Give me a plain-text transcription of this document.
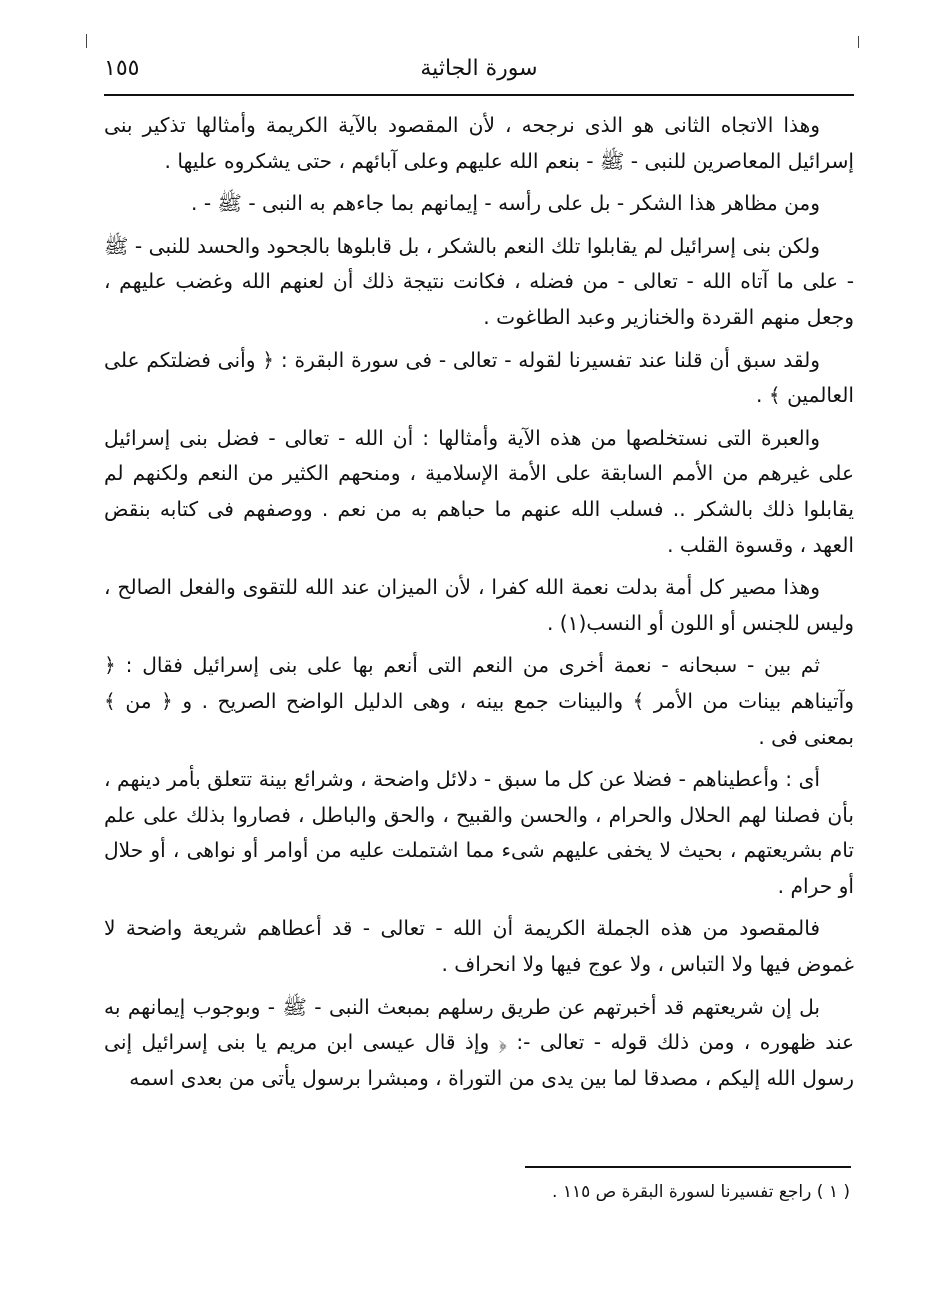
سورة الجاثية
١٥٥

وهذا الاتجاه الثانى هو الذى نرجحه ، لأن المقصود بالآية الكريمة وأمثالها تذكير بنى إسرائيل المعاصرين للنبى - ﷺ - بنعم الله عليهم وعلى آبائهم ، حتى يشكروه عليها .

ومن مظاهر هذا الشكر - بل على رأسه - إيمانهم بما جاءهم به النبى - ﷺ - .

ولكن بنى إسرائيل لم يقابلوا تلك النعم بالشكر ، بل قابلوها بالجحود والحسد للنبى - ﷺ - على ما آتاه الله - تعالى - من فضله ، فكانت نتيجة ذلك أن لعنهم الله وغضب عليهم ، وجعل منهم القردة والخنازير وعبد الطاغوت .

ولقد سبق أن قلنا عند تفسيرنا لقوله - تعالى - فى سورة البقرة : ﴿ وأنى فضلتكم على العالمين ﴾ .

والعبرة التى نستخلصها من هذه الآية وأمثالها : أن الله - تعالى - فضل بنى إسرائيل على غيرهم من الأمم السابقة على الأمة الإسلامية ، ومنحهم الكثير من النعم ولكنهم لم يقابلوا ذلك بالشكر .. فسلب الله عنهم ما حباهم به من نعم . ووصفهم فى كتابه بنقض العهد ، وقسوة القلب .

وهذا مصير كل أمة بدلت نعمة الله كفرا ، لأن الميزان عند الله للتقوى والفعل الصالح ، وليس للجنس أو اللون أو النسب(١) .

ثم بين - سبحانه - نعمة أخرى من النعم التى أنعم بها على بنى إسرائيل فقال : ﴿ وآتيناهم بينات من الأمر ﴾ والبينات جمع بينه ، وهى الدليل الواضح الصريح . و ﴿ من ﴾ بمعنى فى .

أى : وأعطيناهم - فضلا عن كل ما سبق - دلائل واضحة ، وشرائع بينة تتعلق بأمر دينهم ، بأن فصلنا لهم الحلال والحرام ، والحسن والقبيح ، والحق والباطل ، فصاروا بذلك على علم تام بشريعتهم ، بحيث لا يخفى عليهم شىء مما اشتملت عليه من أوامر أو نواهى ، أو حلال أو حرام .

فالمقصود من هذه الجملة الكريمة أن الله - تعالى - قد أعطاهم شريعة واضحة لا غموض فيها ولا التباس ، ولا عوج فيها ولا انحراف .

بل إن شريعتهم قد أخبرتهم عن طريق رسلهم بمبعث النبى - ﷺ - وبوجوب إيمانهم به عند ظهوره ، ومن ذلك قوله - تعالى -: ﴿ وإذ قال عيسى ابن مريم يا بنى إسرائيل إنى رسول الله إليكم ، مصدقا لما بين يدى من التوراة ، ومبشرا برسول يأتى من بعدى اسمه

( ١ ) راجع تفسيرنا لسورة البقرة ص ١١٥ .
